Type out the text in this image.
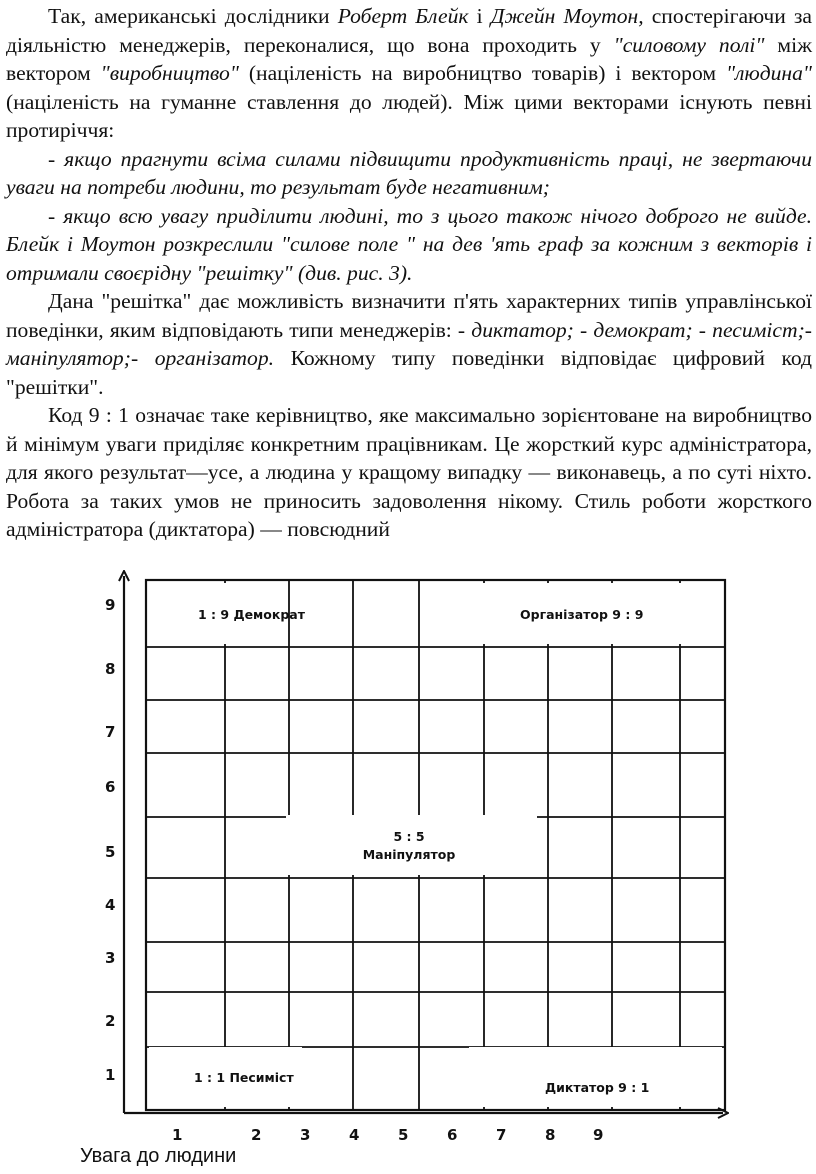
Так, американські дослідники Роберт Блейк і Джейн Моутон, спостерігаючи за діяльністю менеджерів, переконалися, що вона проходить у "силовому полі" між вектором "виробництво" (націленість на виробництво товарів) і вектором "людина" (націленість на гуманне ставлення до людей). Між цими векторами існують певні протиріччя:

- якщо прагнути всіма силами підвищити продуктивність праці, не звертаючи уваги на потреби людини, то результат буде негативним;

- якщо всю увагу приділити людині, то з цього також нічого доброго не вийде. Блейк і Моутон розкреслили "силове поле " на дев 'ять граф за кожним з векторів і отримали своєрідну "решітку" (див. рис. 3).

Дана "решітка" дає можливість визначити п'ять характерних типів управлінської поведінки, яким відповідають типи менеджерів: - диктатор; - демократ; - песиміст;- маніпулятор;- організатор. Кожному типу поведінки відповідає цифровий код "решітки".

Код 9 : 1 означає таке керівництво, яке максимально зорієнтоване на виробництво й мінімум уваги приділяє конкретним працівникам. Це жорсткий курс адміністратора, для якого результат—усе, а людина у кращому випадку — виконавець, а по суті ніхто. Робота за таких умов не приносить задоволення нікому. Стиль роботи жорсткого адміністратора (диктатора) — повсюдний

1
2
3
4
5
6
7
8
9
1	2	3	4	5	6	7	8	9
1 : 9 Демократ	Організатор 9 : 9
5 : 5
Маніпулятор
1 : 1 Песиміст
Диктатор 9 : 1
Увага до людини
